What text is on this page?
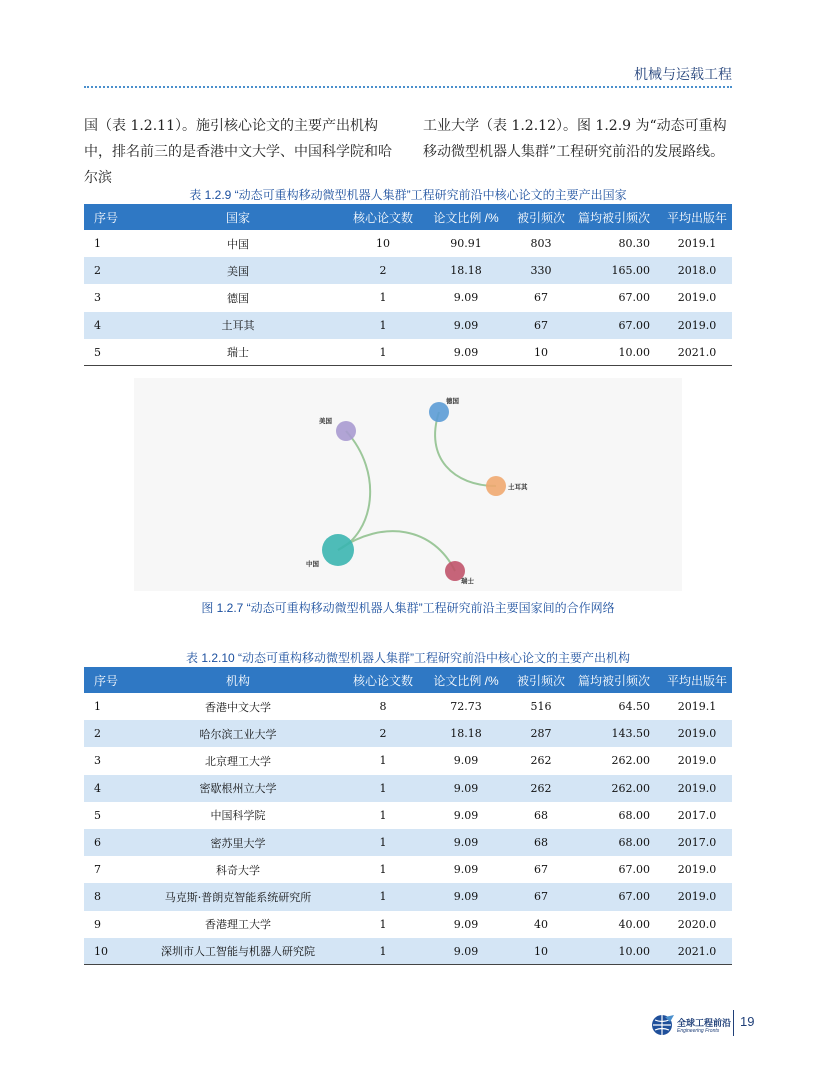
机械与运载工程

国（表 1.2.11）。施引核心论文的主要产出机构中，排名前三的是香港中文大学、中国科学院和哈尔滨

工业大学（表 1.2.12）。图 1.2.9 为“动态可重构移动微型机器人集群”工程研究前沿的发展路线。

表 1.2.9 “动态可重构移动微型机器人集群”工程研究前沿中核心论文的主要产出国家
序号	国家	核心论文数	论文比例 /%	被引频次	篇均被引频次	平均出版年
1	中国	10	90.91	803	80.30	2019.1
2	美国	2	18.18	330	165.00	2018.0
3	德国	1	9.09	67	67.00	2019.0
4	土耳其	1	9.09	67	67.00	2019.0
5	瑞士	1	9.09	10	10.00	2021.0
美国
德国
土耳其
中国
瑞士
图 1.2.7 “动态可重构移动微型机器人集群”工程研究前沿主要国家间的合作网络
表 1.2.10 “动态可重构移动微型机器人集群”工程研究前沿中核心论文的主要产出机构
序号	机构	核心论文数	论文比例 /%	被引频次	篇均被引频次	平均出版年
1	香港中文大学	8	72.73	516	64.50	2019.1
2	哈尔滨工业大学	2	18.18	287	143.50	2019.0
3	北京理工大学	1	9.09	262	262.00	2019.0
4	密歇根州立大学	1	9.09	262	262.00	2019.0
5	中国科学院	1	9.09	68	68.00	2017.0
6	密苏里大学	1	9.09	68	68.00	2017.0
7	科奇大学	1	9.09	67	67.00	2019.0
8	马克斯·普朗克智能系统研究所	1	9.09	67	67.00	2019.0
9	香港理工大学	1	9.09	40	40.00	2020.0
10	深圳市人工智能与机器人研究院	1	9.09	10	10.00	2021.0
全球工程前沿
Engineering Fronts
19
